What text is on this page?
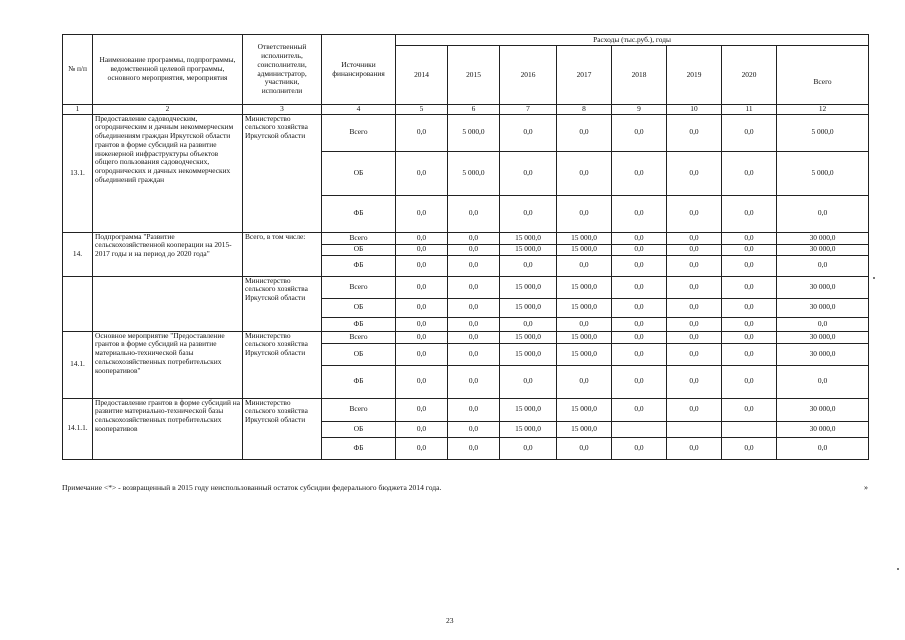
№ п/п	Наименование программы, подпрограммы, ведомственной целевой программы, основного мероприятия, мероприятия	Ответственный исполнитель, соисполнители, администратор, участники, исполнители	Источники финансирования	Расходы (тыс.руб.), годы							
				2014	2015	2016	2017	2018	2019	2020	Всего
1	2	3	4	5	6	7	8	9	10	11	12
13.1.	Предоставление садоводческим, огородническим и дачным некоммерческим объединениям граждан Иркутской области грантов в форме субсидий на развитие инженерной инфраструктуры объектов общего пользования садоводческих, огороднических и дачных некоммерческих объединений граждан	Министерство сельского хозяйства Иркутской области	Всего	0,0	5 000,0	0,0	0,0	0,0	0,0	0,0	5 000,0
			ОБ	0,0	5 000,0	0,0	0,0	0,0	0,0	0,0	5 000,0
			ФБ	0,0	0,0	0,0	0,0	0,0	0,0	0,0	0,0
14.	Подпрограмма "Развитие сельскохозяйственной кооперации на 2015-2017 годы и на период до 2020 года"	Всего, в том числе:	Всего	0,0	0,0	15 000,0	15 000,0	0,0	0,0	0,0	30 000,0
			ОБ	0,0	0,0	15 000,0	15 000,0	0,0	0,0	0,0	30 000,0
			ФБ	0,0	0,0	0,0	0,0	0,0	0,0	0,0	0,0
		Министерство сельского хозяйства Иркутской области	Всего	0,0	0,0	15 000,0	15 000,0	0,0	0,0	0,0	30 000,0
			ОБ	0,0	0,0	15 000,0	15 000,0	0,0	0,0	0,0	30 000,0
			ФБ	0,0	0,0	0,0	0,0	0,0	0,0	0,0	0,0
14.1.	Основное мероприятие "Предоставление грантов в форме субсидий на развитие материально-технической базы сельскохозяйственных потребительских кооперативов"	Министерство сельского хозяйства Иркутской области	Всего	0,0	0,0	15 000,0	15 000,0	0,0	0,0	0,0	30 000,0
			ОБ	0,0	0,0	15 000,0	15 000,0	0,0	0,0	0,0	30 000,0
			ФБ	0,0	0,0	0,0	0,0	0,0	0,0	0,0	0,0
14.1.1.	Предоставление грантов в форме субсидий на развитие материально-технической базы сельскохозяйственных потребительских кооперативов	Министерство сельского хозяйства Иркутской области	Всего	0,0	0,0	15 000,0	15 000,0	0,0	0,0	0,0	30 000,0
			ОБ	0,0	0,0	15 000,0	15 000,0				30 000,0
			ФБ	0,0	0,0	0,0	0,0	0,0	0,0	0,0	0,0
Примечание <*> - возвращенный в 2015 году неиспользованный остаток субсидии федерального бюджета 2014 года.	»
23
